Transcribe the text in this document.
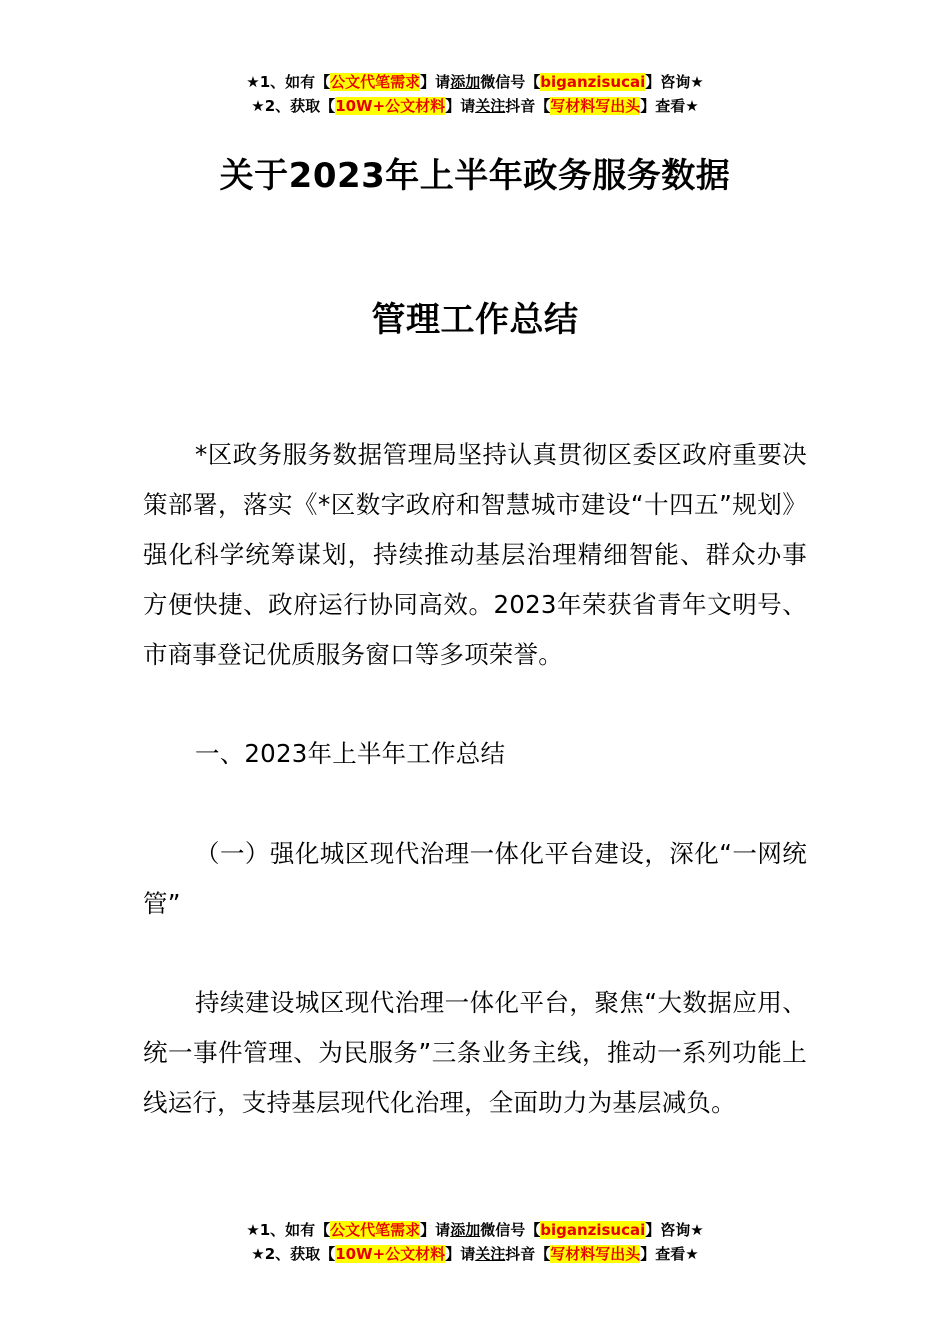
★1、如有【公文代笔需求】请添加微信号【biganzisucai】咨询★
★2、获取【10W+公文材料】请关注抖音【写材料写出头】查看★
关于2023年上半年政务服务数据
管理工作总结
*区政务服务数据管理局坚持认真贯彻区委区政府重要决策部署，落实《*区数字政府和智慧城市建设“十四五”规划》强化科学统筹谋划，持续推动基层治理精细智能、群众办事方便快捷、政府运行协同高效。2023年荣获省青年文明号、市商事登记优质服务窗口等多项荣誉。
一、2023年上半年工作总结
（一）强化城区现代治理一体化平台建设，深化“一网统管”
持续建设城区现代治理一体化平台，聚焦“大数据应用、统一事件管理、为民服务”三条业务主线，推动一系列功能上线运行，支持基层现代化治理，全面助力为基层减负。
★1、如有【公文代笔需求】请添加微信号【biganzisucai】咨询★
★2、获取【10W+公文材料】请关注抖音【写材料写出头】查看★
